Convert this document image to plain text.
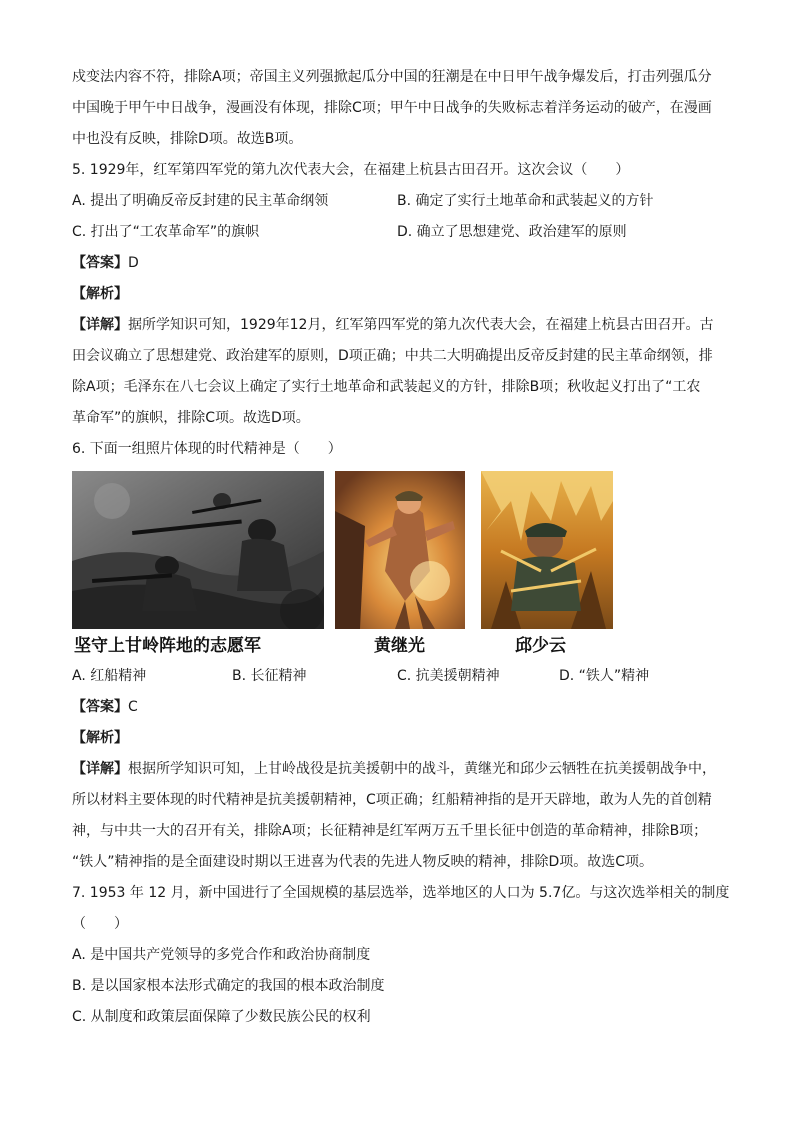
戍变法内容不符，排除A项；帝国主义列强掀起瓜分中国的狂潮是在中日甲午战争爆发后，打击列强瓜分

中国晚于甲午中日战争，漫画没有体现，排除C项；甲午中日战争的失败标志着洋务运动的破产，在漫画

中也没有反映，排除D项。故选B项。

5. 1929年，红军第四军党的第九次代表大会，在福建上杭县古田召开。这次会议（　　）

A. 提出了明确反帝反封建的民主革命纲领	B. 确定了实行土地革命和武装起义的方针
C. 打出了“工农革命军”的旗帜	D. 确立了思想建党、政治建军的原则

【答案】D

【解析】

【详解】据所学知识可知，1929年12月，红军第四军党的第九次代表大会，在福建上杭县古田召开。古

田会议确立了思想建党、政治建军的原则，D项正确；中共二大明确提出反帝反封建的民主革命纲领，排

除A项；毛泽东在八七会议上确定了实行土地革命和武装起义的方针，排除B项；秋收起义打出了“工农

革命军”的旗帜，排除C项。故选D项。

6. 下面一组照片体现的时代精神是（　　）

坚守上甘岭阵地的志愿军	黄继光	邱少云
A. 红船精神	B. 长征精神	C. 抗美援朝精神	D. “铁人”精神

【答案】C

【解析】

【详解】根据所学知识可知，上甘岭战役是抗美援朝中的战斗，黄继光和邱少云牺牲在抗美援朝战争中，

所以材料主要体现的时代精神是抗美援朝精神，C项正确；红船精神指的是开天辟地，敢为人先的首创精

神，与中共一大的召开有关，排除A项；长征精神是红军两万五千里长征中创造的革命精神，排除B项；

“铁人”精神指的是全面建设时期以王进喜为代表的先进人物反映的精神，排除D项。故选C项。

7. 1953 年 12 月，新中国进行了全国规模的基层选举，选举地区的人口为 5.7亿。与这次选举相关的制度

（　　）

A. 是中国共产党领导的多党合作和政治协商制度

B. 是以国家根本法形式确定的我国的根本政治制度

C. 从制度和政策层面保障了少数民族公民的权利
